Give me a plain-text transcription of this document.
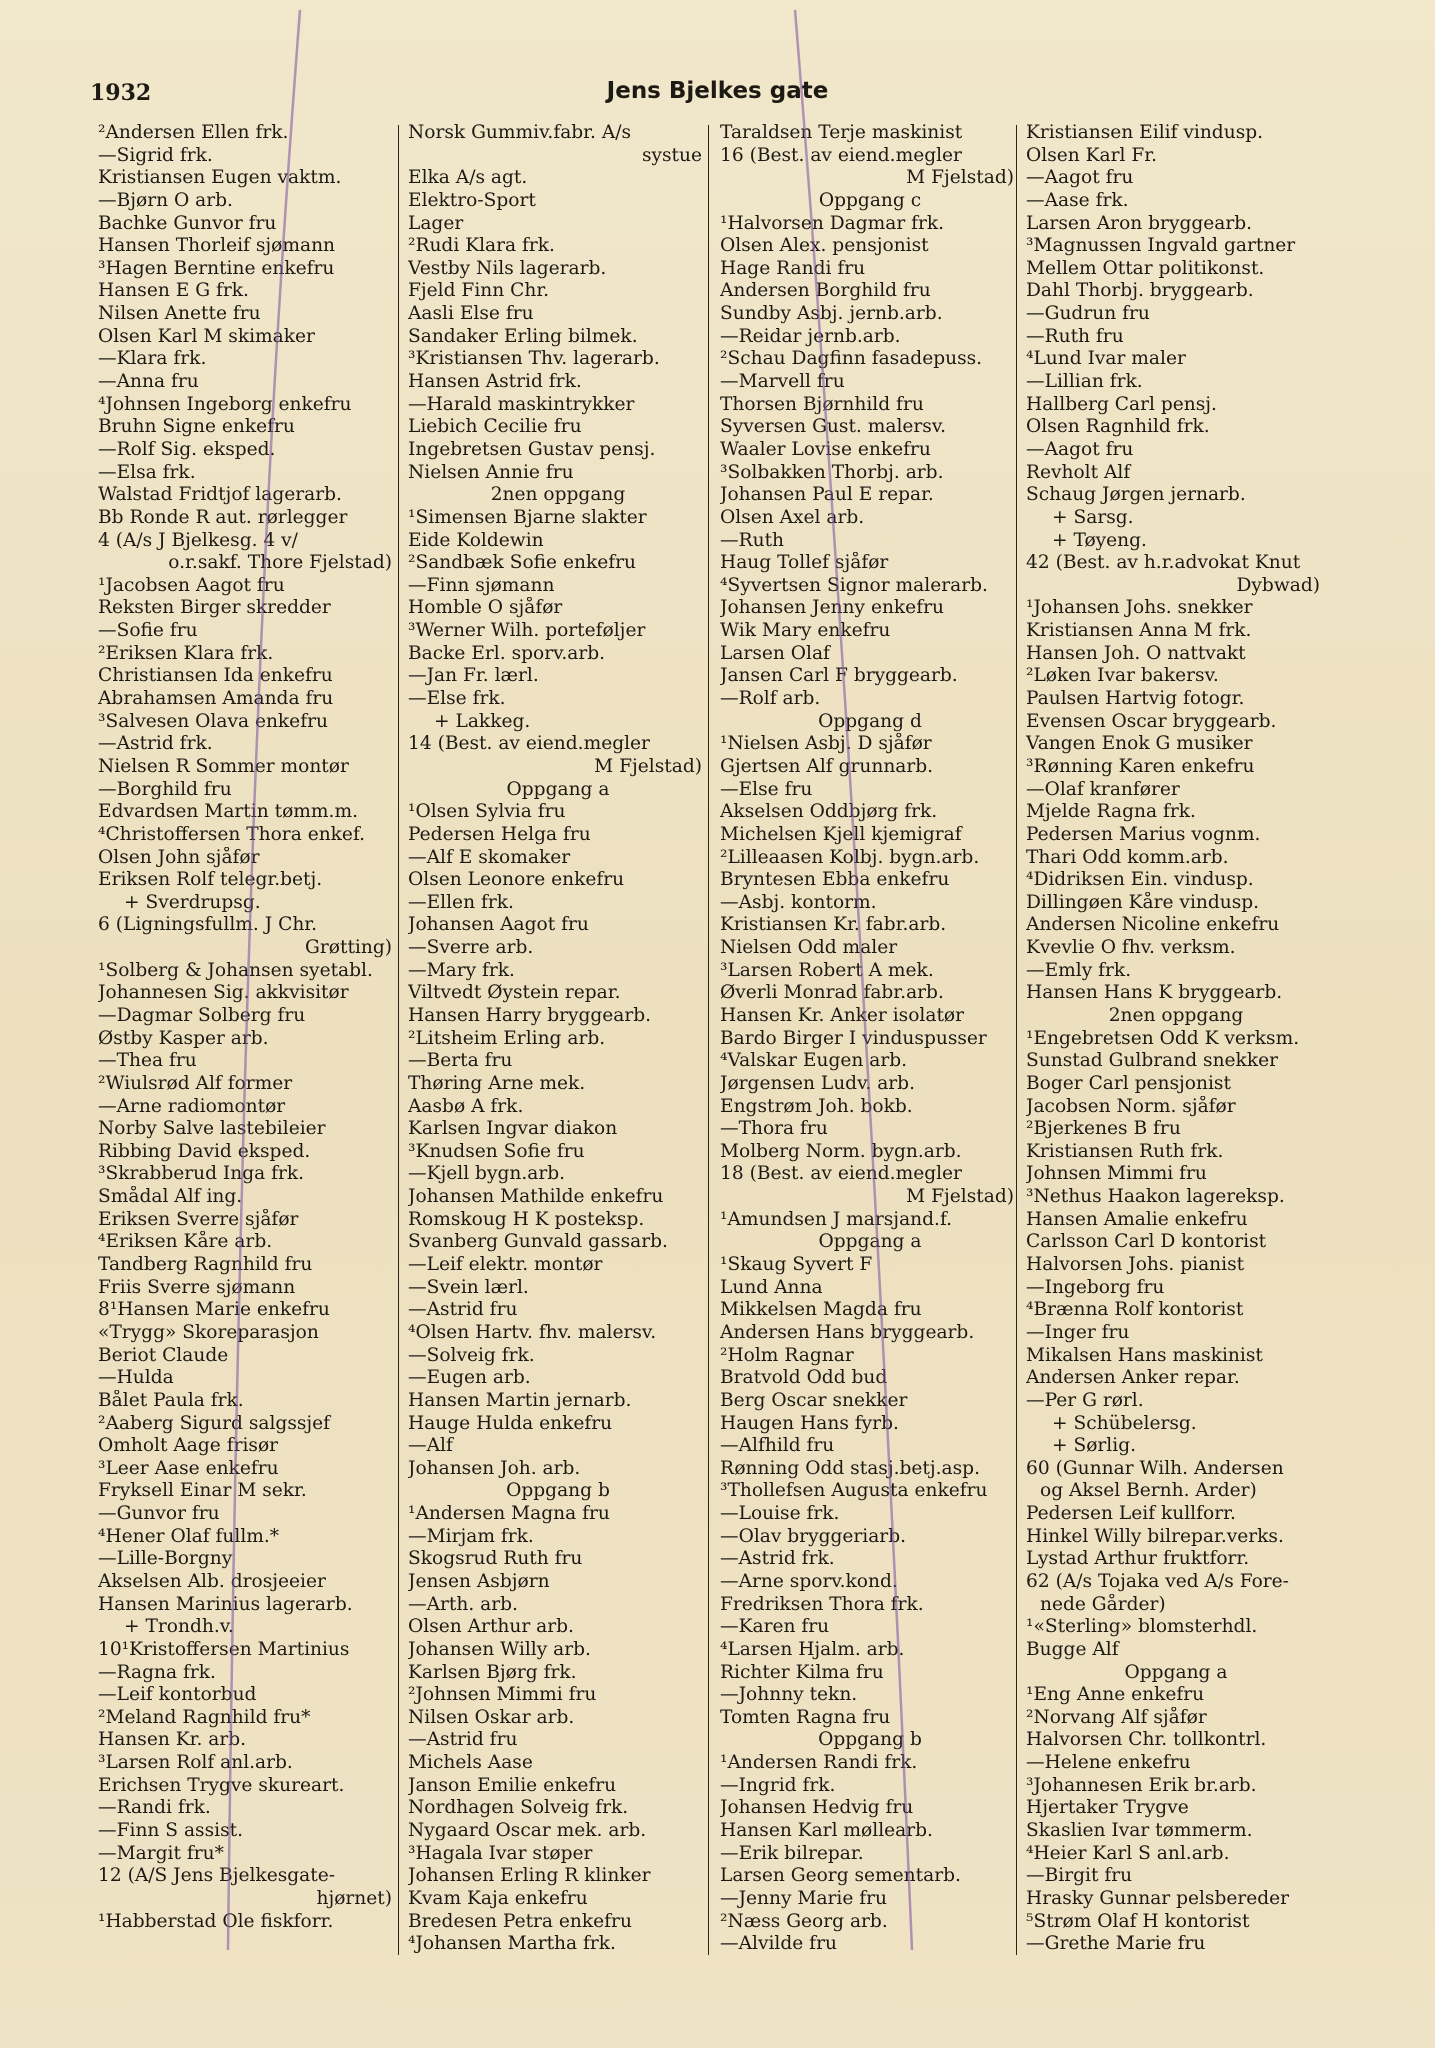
1932	Jens Bjelkes gate
²Andersen Ellen frk.
—Sigrid frk.
Kristiansen Eugen vaktm.
—Bjørn O arb.
Bachke Gunvor fru
Hansen Thorleif sjømann
³Hagen Berntine enkefru
Hansen E G frk.
Nilsen Anette fru
Olsen Karl M skimaker
—Klara frk.
—Anna fru
⁴Johnsen Ingeborg enkefru
Bruhn Signe enkefru
—Rolf Sig. eksped.
—Elsa frk.
Walstad Fridtjof lagerarb.
Bb Ronde R aut. rørlegger
4 (A/s J Bjelkesg. 4 v/
o.r.sakf. Thore Fjelstad)
¹Jacobsen Aagot fru
Reksten Birger skredder
—Sofie fru
²Eriksen Klara frk.
Christiansen Ida enkefru
Abrahamsen Amanda fru
³Salvesen Olava enkefru
—Astrid frk.
Nielsen R Sommer montør
—Borghild fru
Edvardsen Martin tømm.m.
⁴Christoffersen Thora enkef.
Olsen John sjåfør
Eriksen Rolf telegr.betj.
+ Sverdrupsg.
6 (Ligningsfullm. J Chr.
Grøtting)
¹Solberg & Johansen syetabl.
Johannesen Sig. akkvisitør
—Dagmar Solberg fru
Østby Kasper arb.
—Thea fru
²Wiulsrød Alf former
—Arne radiomontør
Norby Salve lastebileier
Ribbing David eksped.
³Skrabberud Inga frk.
Smådal Alf ing.
Eriksen Sverre sjåfør
⁴Eriksen Kåre arb.
Tandberg Ragnhild fru
Friis Sverre sjømann
8¹Hansen Marie enkefru
«Trygg» Skoreparasjon
Beriot Claude
—Hulda
Bålet Paula frk.
²Aaberg Sigurd salgssjef
Omholt Aage frisør
³Leer Aase enkefru
Fryksell Einar M sekr.
—Gunvor fru
⁴Hener Olaf fullm.*
—Lille-Borgny
Akselsen Alb. drosjeeier
Hansen Marinius lagerarb.
+ Trondh.v.
10¹Kristoffersen Martinius
—Ragna frk.
—Leif kontorbud
²Meland Ragnhild fru*
Hansen Kr. arb.
³Larsen Rolf anl.arb.
Erichsen Trygve skureart.
—Randi frk.
—Finn S assist.
—Margit fru*
12 (A/S Jens Bjelkesgate-
hjørnet)
¹Habberstad Ole fiskforr.
Norsk Gummiv.fabr. A/s
systue
Elka A/s agt.
Elektro-Sport
Lager
²Rudi Klara frk.
Vestby Nils lagerarb.
Fjeld Finn Chr.
Aasli Else fru
Sandaker Erling bilmek.
³Kristiansen Thv. lagerarb.
Hansen Astrid frk.
—Harald maskintrykker
Liebich Cecilie fru
Ingebretsen Gustav pensj.
Nielsen Annie fru
2nen oppgang
¹Simensen Bjarne slakter
Eide Koldewin
²Sandbæk Sofie enkefru
—Finn sjømann
Homble O sjåfør
³Werner Wilh. porteføljer
Backe Erl. sporv.arb.
—Jan Fr. lærl.
—Else frk.
+ Lakkeg.
14 (Best. av eiend.megler
M Fjelstad)
Oppgang a
¹Olsen Sylvia fru
Pedersen Helga fru
—Alf E skomaker
Olsen Leonore enkefru
—Ellen frk.
Johansen Aagot fru
—Sverre arb.
—Mary frk.
Viltvedt Øystein repar.
Hansen Harry bryggearb.
²Litsheim Erling arb.
—Berta fru
Thøring Arne mek.
Aasbø A frk.
Karlsen Ingvar diakon
³Knudsen Sofie fru
—Kjell bygn.arb.
Johansen Mathilde enkefru
Romskoug H K posteksp.
Svanberg Gunvald gassarb.
—Leif elektr. montør
—Svein lærl.
—Astrid fru
⁴Olsen Hartv. fhv. malersv.
—Solveig frk.
—Eugen arb.
Hansen Martin jernarb.
Hauge Hulda enkefru
—Alf
Johansen Joh. arb.
Oppgang b
¹Andersen Magna fru
—Mirjam frk.
Skogsrud Ruth fru
Jensen Asbjørn
—Arth. arb.
Olsen Arthur arb.
Johansen Willy arb.
Karlsen Bjørg frk.
²Johnsen Mimmi fru
Nilsen Oskar arb.
—Astrid fru
Michels Aase
Janson Emilie enkefru
Nordhagen Solveig frk.
Nygaard Oscar mek. arb.
³Hagala Ivar støper
Johansen Erling R klinker
Kvam Kaja enkefru
Bredesen Petra enkefru
⁴Johansen Martha frk.
Taraldsen Terje maskinist
16 (Best. av eiend.megler
M Fjelstad)
Oppgang c
¹Halvorsen Dagmar frk.
Olsen Alex. pensjonist
Hage Randi fru
Andersen Borghild fru
Sundby Asbj. jernb.arb.
—Reidar jernb.arb.
²Schau Dagfinn fasadepuss.
—Marvell fru
Thorsen Bjørnhild fru
Syversen Gust. malersv.
Waaler Lovise enkefru
³Solbakken Thorbj. arb.
Johansen Paul E repar.
Olsen Axel arb.
—Ruth
Haug Tollef sjåfør
⁴Syvertsen Signor malerarb.
Johansen Jenny enkefru
Wik Mary enkefru
Larsen Olaf
Jansen Carl F bryggearb.
—Rolf arb.
Oppgang d
¹Nielsen Asbj. D sjåfør
Gjertsen Alf grunnarb.
—Else fru
Akselsen Oddbjørg frk.
Michelsen Kjell kjemigraf
²Lilleaasen Kolbj. bygn.arb.
Bryntesen Ebba enkefru
—Asbj. kontorm.
Kristiansen Kr. fabr.arb.
Nielsen Odd maler
³Larsen Robert A mek.
Øverli Monrad fabr.arb.
Hansen Kr. Anker isolatør
Bardo Birger I vinduspusser
⁴Valskar Eugen arb.
Jørgensen Ludv. arb.
Engstrøm Joh. bokb.
—Thora fru
Molberg Norm. bygn.arb.
18 (Best. av eiend.megler
M Fjelstad)
¹Amundsen J marsjand.f.
Oppgang a
¹Skaug Syvert F
Lund Anna
Mikkelsen Magda fru
Andersen Hans bryggearb.
²Holm Ragnar
Bratvold Odd bud
Berg Oscar snekker
Haugen Hans fyrb.
—Alfhild fru
Rønning Odd stasj.betj.asp.
³Thollefsen Augusta enkefru
—Louise frk.
—Olav bryggeriarb.
—Astrid frk.
—Arne sporv.kond.
Fredriksen Thora frk.
—Karen fru
⁴Larsen Hjalm. arb.
Richter Kilma fru
—Johnny tekn.
Tomten Ragna fru
Oppgang b
¹Andersen Randi frk.
—Ingrid frk.
Johansen Hedvig fru
Hansen Karl møllearb.
—Erik bilrepar.
Larsen Georg sementarb.
—Jenny Marie fru
²Næss Georg arb.
—Alvilde fru
Kristiansen Eilif vindusp.
Olsen Karl Fr.
—Aagot fru
—Aase frk.
Larsen Aron bryggearb.
³Magnussen Ingvald gartner
Mellem Ottar politikonst.
Dahl Thorbj. bryggearb.
—Gudrun fru
—Ruth fru
⁴Lund Ivar maler
—Lillian frk.
Hallberg Carl pensj.
Olsen Ragnhild frk.
—Aagot fru
Revholt Alf
Schaug Jørgen jernarb.
+ Sarsg.
+ Tøyeng.
42 (Best. av h.r.advokat Knut
Dybwad)
¹Johansen Johs. snekker
Kristiansen Anna M frk.
Hansen Joh. O nattvakt
²Løken Ivar bakersv.
Paulsen Hartvig fotogr.
Evensen Oscar bryggearb.
Vangen Enok G musiker
³Rønning Karen enkefru
—Olaf kranfører
Mjelde Ragna frk.
Pedersen Marius vognm.
Thari Odd komm.arb.
⁴Didriksen Ein. vindusp.
Dillingøen Kåre vindusp.
Andersen Nicoline enkefru
Kvevlie O fhv. verksm.
—Emly frk.
Hansen Hans K bryggearb.
2nen oppgang
¹Engebretsen Odd K verksm.
Sunstad Gulbrand snekker
Boger Carl pensjonist
Jacobsen Norm. sjåfør
²Bjerkenes B fru
Kristiansen Ruth frk.
Johnsen Mimmi fru
³Nethus Haakon lagereksp.
Hansen Amalie enkefru
Carlsson Carl D kontorist
Halvorsen Johs. pianist
—Ingeborg fru
⁴Brænna Rolf kontorist
—Inger fru
Mikalsen Hans maskinist
Andersen Anker repar.
—Per G rørl.
+ Schübelersg.
+ Sørlig.
60 (Gunnar Wilh. Andersen
og Aksel Bernh. Arder)
Pedersen Leif kullforr.
Hinkel Willy bilrepar.verks.
Lystad Arthur fruktforr.
62 (A/s Tojaka ved A/s Fore-
nede Gårder)
¹«Sterling» blomsterhdl.
Bugge Alf
Oppgang a
¹Eng Anne enkefru
²Norvang Alf sjåfør
Halvorsen Chr. tollkontrl.
—Helene enkefru
³Johannesen Erik br.arb.
Hjertaker Trygve
Skaslien Ivar tømmerm.
⁴Heier Karl S anl.arb.
—Birgit fru
Hrasky Gunnar pelsbereder
⁵Strøm Olaf H kontorist
—Grethe Marie fru
